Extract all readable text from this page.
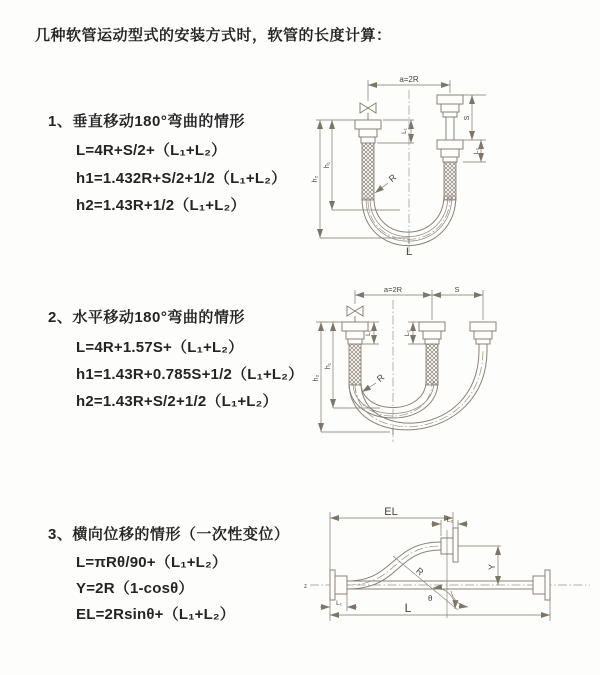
几种软管运动型式的安装方式时，软管的长度计算：
1、垂直移动180°弯曲的情形
L=4R+S/2+（L₁+L₂）
h1=1.432R+S/2+1/2（L₁+L₂）
h2=1.43R+1/2（L₁+L₂）
2、水平移动180°弯曲的情形
L=4R+1.57S+（L₁+L₂）
h1=1.43R+0.785S+1/2（L₁+L₂）
h2=1.43R+S/2+1/2（L₁+L₂）
3、横向位移的情形（一次性变位）
L=πRθ/90+（L₁+L₂）
Y=2R（1-cosθ）
EL=2Rsinθ+（L₁+L₂）
a=2R
L₁
S
L₂
h₁
h₂	R
L
a=2R	S
h₁
h₂
L₁	L₂
R
z
EL
L₂
Y
R
θ
L
L₁
